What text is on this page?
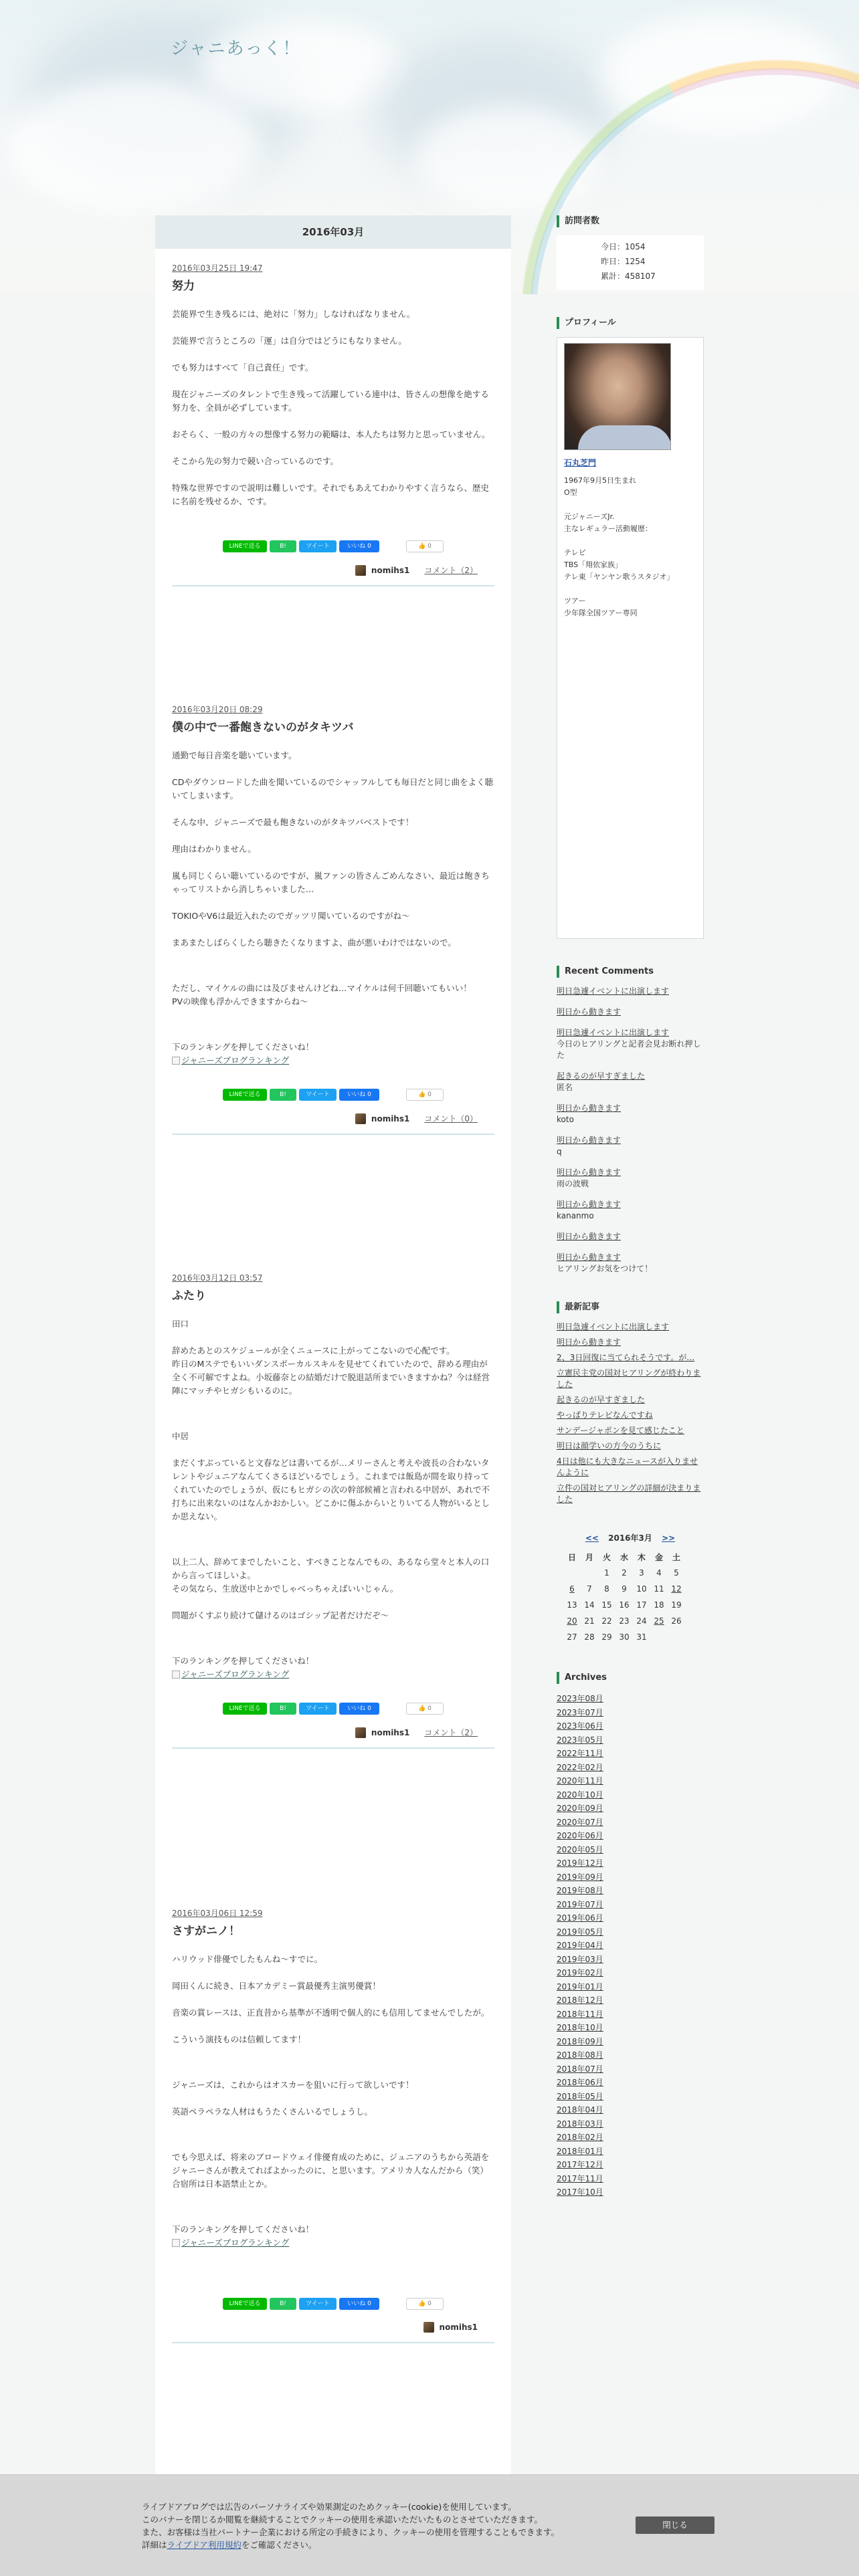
ジャニあっく！
2016年03月
2016年03月25日 19:47
努力

芸能界で生き残るには、絶対に「努力」しなければなりません。

芸能界で言うところの「運」は自分ではどうにもなりません。

でも努力はすべて「自己責任」です。

現在ジャニーズのタレントで生き残って活躍している連中は、皆さんの想像を絶する努力を、全員が必ずしています。

おそらく、一般の方々の想像する努力の範疇は、本人たちは努力と思っていません。

そこから先の努力で競い合っているのです。

特殊な世界ですので説明は難しいです。それでもあえてわかりやすく言うなら、歴史に名前を残せるか、です。

LINEで送る	B!	ツイート	いいね 0	👍 0
nomihs1 コメント（2）
2016年03月20日 08:29
僕の中で一番飽きないのがタキツバ

通勤で毎日音楽を聴いています。

CDやダウンロードした曲を聞いているのでシャッフルしても毎日だと同じ曲をよく聴いてしまいます。

そんな中、ジャニーズで最も飽きないのがタキツバベストです！

理由はわかりません。

嵐も同じくらい聴いているのですが、嵐ファンの皆さんごめんなさい、最近は飽きちゃってリストから消しちゃいました…

TOKIOやV6は最近入れたのでガッツリ聞いているのですがね～

まあまたしばらくしたら聴きたくなりますよ、曲が悪いわけではないので。

ただし、マイケルの曲には及びませんけどね…マイケルは何千回聴いてもいい！
PVの映像も浮かんできますからね～

下のランキングを押してくださいね！

ジャニーズブログランキング
LINEで送る	B!	ツイート	いいね 0	👍 0
nomihs1 コメント（0）
2016年03月12日 03:57
ふたり

田口

辞めたあとのスケジュールが全くニュースに上がってこないので心配です。
昨日のMステでもいいダンスボーカルスキルを見せてくれていたので、辞める理由が全く不可解ですよね。小坂藤奈との結婚だけで脱退話所までいきますかね？今は経営陣にマッチやヒガシもいるのに。

中居

まだくすぶっていると文春などは書いてるが…メリーさんと考えや波長の合わないタレントやジュニアなんてくさるほどいるでしょう。これまでは飯島が間を取り持ってくれていたのでしょうが、仮にもヒガシの次の幹部候補と言われる中居が、あれで不打ちに出来ないのはなんかおかしい。どこかに傷ふからいとりいてる人物がいるとしか思えない。

以上二人、辞めてまでしたいこと、すべきことなんでもの、あるなら堂々と本人の口から言ってほしいよ。
その気なら、生放送中とかでしゃべっちゃえばいいじゃん。

問題がくすぶり続けて儲けるのはゴシップ記者だけだぞ〜

下のランキングを押してくださいね！

ジャニーズブログランキング
LINEで送る	B!	ツイート	いいね 0	👍 0
nomihs1 コメント（2）
2016年03月06日 12:59
さすがニノ！

ハリウッド俳優でしたもんね〜すでに。

岡田くんに続き、日本アカデミー賞最優秀主演男優賞！

音楽の賞レースは、正直昔から基準が不透明で個人的にも信用してませんでしたが。

こういう演技ものは信頼してます！

ジャニーズは、これからはオスカーを狙いに行って欲しいです！

英語ペラペラな人材はもうたくさんいるでしょうし。

でも今思えば、将来のブロードウェイ俳優育成のために、ジュニアのうちから英語をジャニーさんが教えてればよかったのに、と思います。アメリカ人なんだから（笑）合宿所は日本語禁止とか。

下のランキングを押してくださいね！

ジャニーズブログランキング
LINEで送る	B!	ツイート	いいね 0	👍 0
nomihs1
訪問者数
今日：1054
昨日：1254
累計：458107
プロフィール
石丸芝門
1967年9月5日生まれ
O型

元ジャニーズJr.
主なレギュラー活動履歴：

テレビ
TBS「翔依家族」
テレ東「ヤンヤン歌うスタジオ」

ツアー
少年隊全国ツアー専同
Recent Comments
明日急遽イベントに出演します
明日から動きます
明日急遽イベントに出演します
今日のヒアリングと記者会見お断れ押した
起きるのが早すぎました
匿名
明日から動きます
koto
明日から動きます
q
明日から動きます
雨の波戦
明日から動きます
kananmo
明日から動きます
明日から動きます
ヒアリングお気をつけて！
最新記事
明日急遽イベントに出演します
明日から動きます
2、3日回復に当てられそうです。が…
立憲民主党の国対ヒアリングが終わりました
起きるのが早すぎました
やっぱりテレビなんですね
サンデージャポンを見て感じたこと
明日は顔学いの方今のうちに
4日は他にも大きなニュースが入りませんように
立件の国対ヒアリングの詳細が決まりました
<< 2016年3月 >>
日	月	火	水	木	金	土
		1	2	3	4	5
6	7	8	9	10	11	12
13	14	15	16	17	18	19
20	21	22	23	24	25	26
27	28	29	30	31		
Archives
2023年08月
2023年07月
2023年06月
2023年05月
2022年11月
2022年02月
2020年11月
2020年10月
2020年09月
2020年07月
2020年06月
2020年05月
2019年12月
2019年09月
2019年08月
2019年07月
2019年06月
2019年05月
2019年04月
2019年03月
2019年02月
2019年01月
2018年12月
2018年11月
2018年10月
2018年09月
2018年08月
2018年07月
2018年06月
2018年05月
2018年04月
2018年03月
2018年02月
2018年01月
2017年12月
2017年11月
2017年10月
ライブドアブログでは広告のパーソナライズや効果測定のためクッキー(cookie)を使用しています。
このバナーを閉じるか閲覧を継続することでクッキーの使用を承認いただいたものとさせていただきます。
また、お客様は当社パートナー企業における所定の手続きにより、クッキーの使用を管理することもできます。
詳細はライブドア利用規約をご確認ください。
閉じる
